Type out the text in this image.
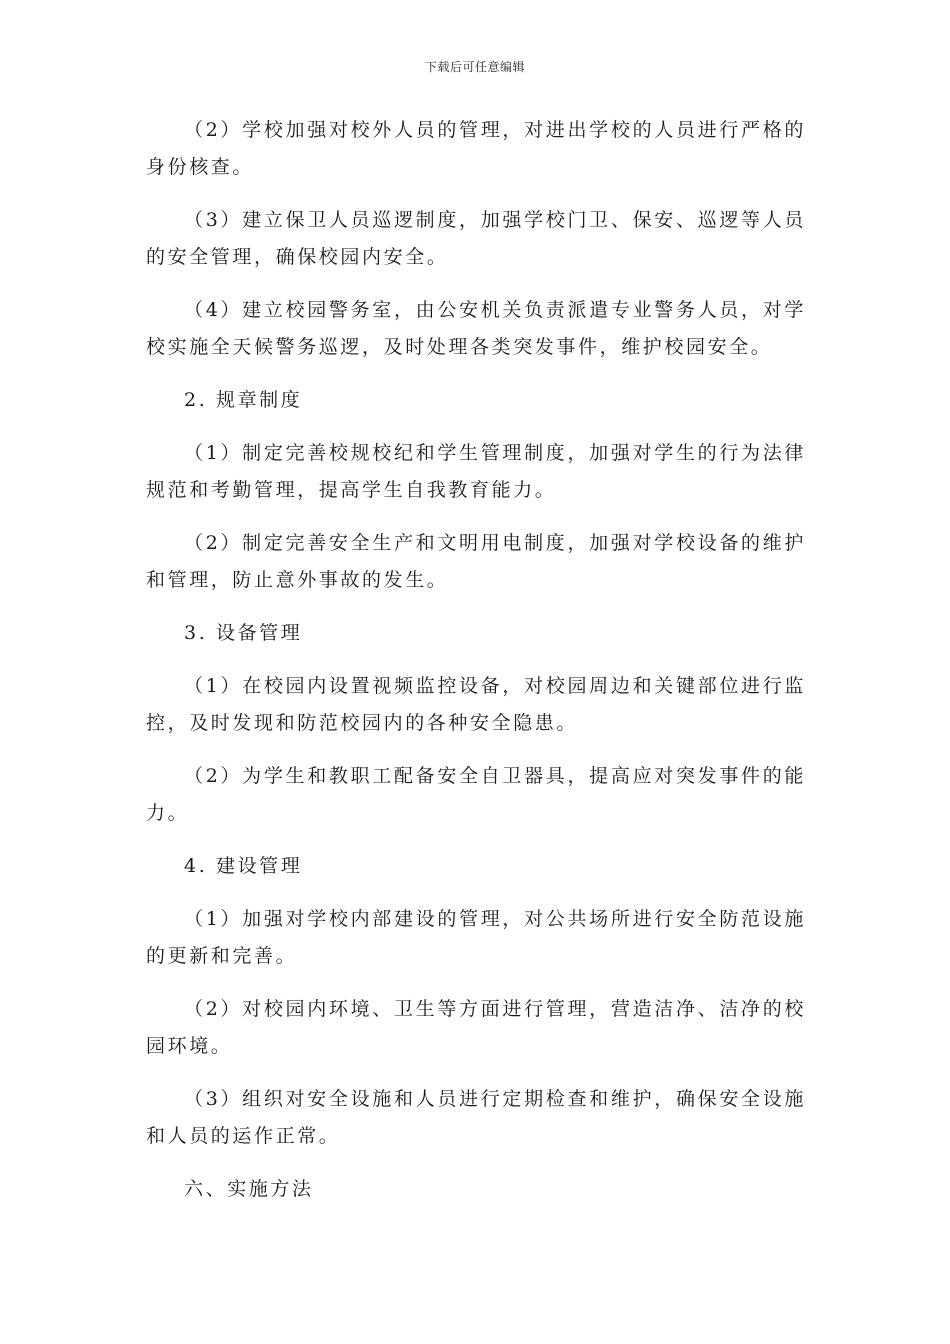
下载后可任意编辑

（2）学校加强对校外人员的管理，对进出学校的人员进行严格的身份核查。

（3）建立保卫人员巡逻制度，加强学校门卫、保安、巡逻等人员的安全管理，确保校园内安全。

（4）建立校园警务室，由公安机关负责派遣专业警务人员，对学校实施全天候警务巡逻，及时处理各类突发事件，维护校园安全。

2. 规章制度

（1）制定完善校规校纪和学生管理制度，加强对学生的行为法律规范和考勤管理，提高学生自我教育能力。

（2）制定完善安全生产和文明用电制度，加强对学校设备的维护和管理，防止意外事故的发生。

3. 设备管理

（1）在校园内设置视频监控设备，对校园周边和关键部位进行监控，及时发现和防范校园内的各种安全隐患。

（2）为学生和教职工配备安全自卫器具，提高应对突发事件的能力。

4. 建设管理

（1）加强对学校内部建设的管理，对公共场所进行安全防范设施的更新和完善。

（2）对校园内环境、卫生等方面进行管理，营造洁净、洁净的校园环境。

（3）组织对安全设施和人员进行定期检查和维护，确保安全设施和人员的运作正常。

六、实施方法
